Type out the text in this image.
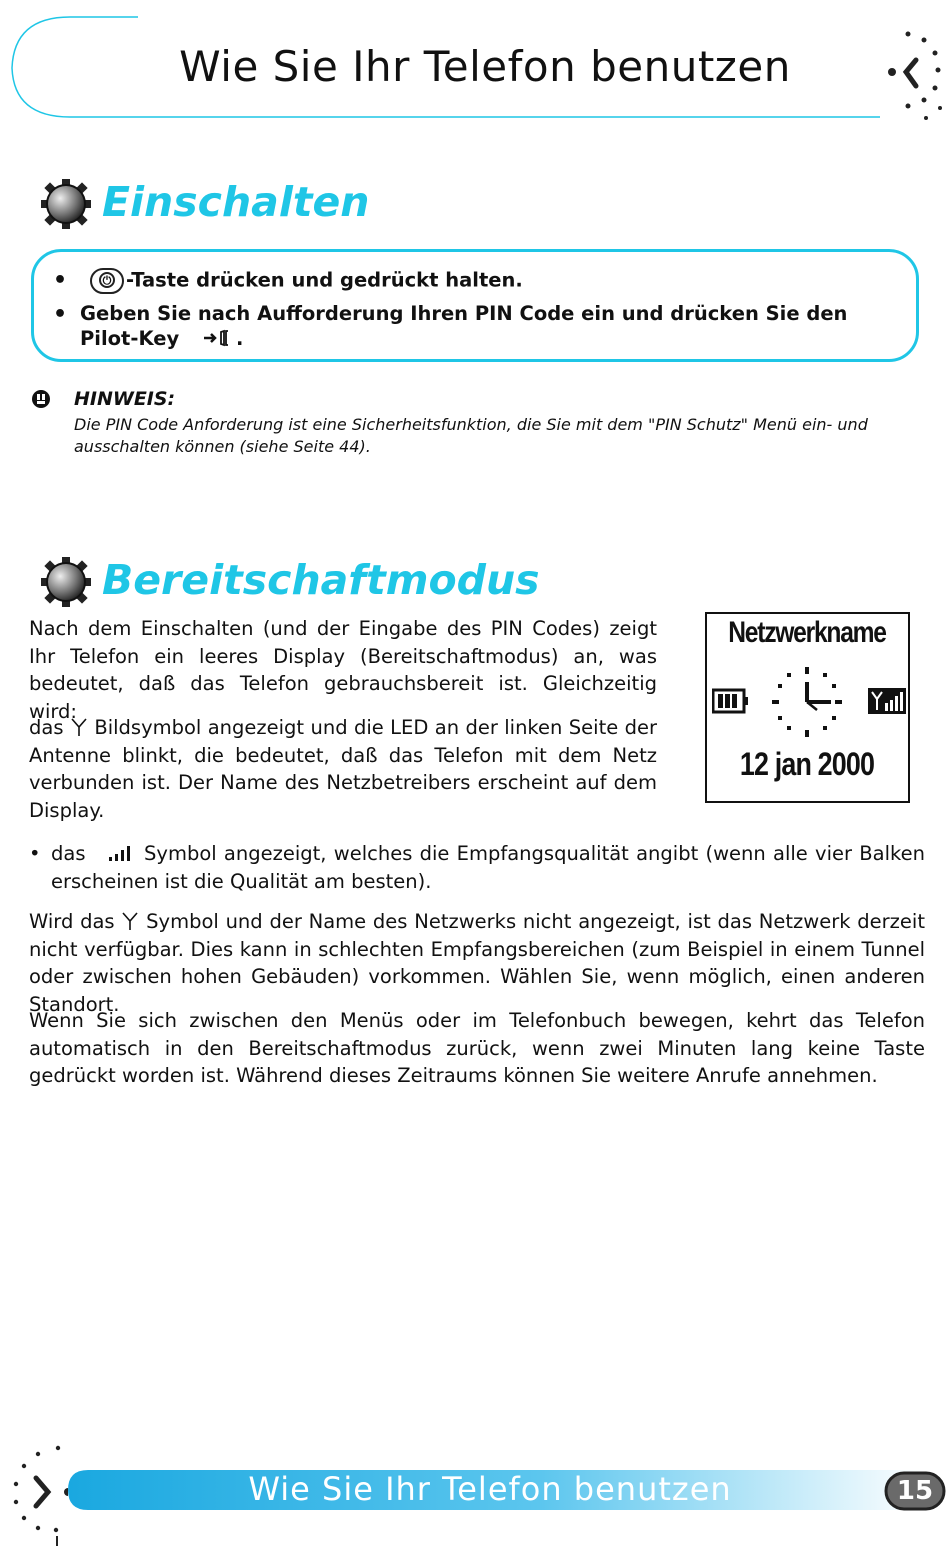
Wie Sie Ihr Telefon benutzen
Einschalten
•	⏻ -Taste drücken und gedrückt halten.
• Geben Sie nach Aufforderung Ihren PIN Code ein und drücken Sie den
Pilot-Key	.
HINWEIS:
Die PIN Code Anforderung ist eine Sicherheitsfunktion, die Sie mit dem "PIN Schutz" Menü ein- und ausschalten können (siehe Seite 44).
Bereitschaftmodus
Nach dem Einschalten (und der Eingabe des PIN Codes) zeigt Ihr Telefon ein leeres Display (Bereitschaftmodus) an, was bedeutet, daß das Telefon gebrauchsbereit ist. Gleichzeitig wird:
das Bildsymbol angezeigt und die LED an der linken Seite der Antenne blinkt, die bedeutet, daß das Telefon mit dem Netz verbunden ist. Der Name des Netzbetreibers erscheint auf dem Display.
Netzwerkname
12 jan 2000
• das	Symbol angezeigt, welches die Empfangsqualität angibt (wenn alle vier Balken erscheinen ist die Qualität am besten).
Wird das Symbol und der Name des Netzwerks nicht angezeigt, ist das Netzwerk derzeit nicht verfügbar. Dies kann in schlechten Empfangsbereichen (zum Beispiel in einem Tunnel oder zwischen hohen Gebäuden) vorkommen. Wählen Sie, wenn möglich, einen anderen Standort.
Wenn Sie sich zwischen den Menüs oder im Telefonbuch bewegen, kehrt das Telefon automatisch in den Bereitschaftmodus zurück, wenn zwei Minuten lang keine Taste gedrückt worden ist. Während dieses Zeitraums können Sie weitere Anrufe annehmen.
Wie Sie Ihr Telefon benutzen	15
